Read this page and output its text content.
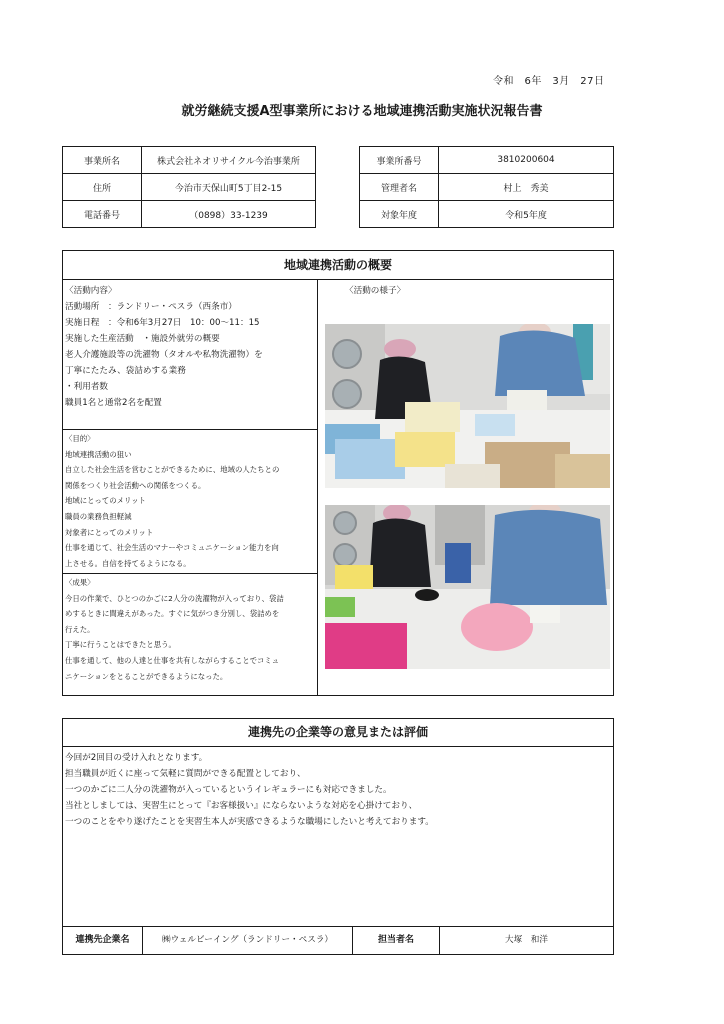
令和　6年　3月　27日
就労継続支援A型事業所における地域連携活動実施状況報告書
事業所名	株式会社ネオリサイクル今治事業所
住所	今治市天保山町5丁目2-15
電話番号	（0898）33-1239
事業所番号	3810200604
管理者名	村上　秀美
対象年度	令和5年度
地域連携活動の概要
〈活動内容〉
活動場所　：ランドリー・ペスラ（西条市）
実施日程　：令和6年3月27日　10：00〜11：15
実施した生産活動　・施設外就労の概要
老人介護施設等の洗濯物（タオルや私物洗濯物）を
丁寧にたたみ、袋詰めする業務
・利用者数
職員1名と通常2名を配置
〈目的〉
地域連携活動の狙い
自立した社会生活を営むことができるために、地域の人たちとの
関係をつくり社会活動への関係をつくる。
地域にとってのメリット
職員の業務負担軽減
対象者にとってのメリット
仕事を通じて、社会生活のマナーやコミュニケーション能力を向
上させる。自信を持てるようになる。
〈成果〉
今日の作業で、ひとつのかごに2人分の洗濯物が入っており、袋詰
めするときに間違えがあった。すぐに気がつき分別し、袋詰めを
行えた。
丁寧に行うことはできたと思う。
仕事を通して、他の人達と仕事を共有しながらすることでコミュ
ニケーションをとることができるようになった。
〈活動の様子〉
連携先の企業等の意見または評価
今回が2回目の受け入れとなります。
担当職員が近くに座って気軽に質問ができる配置としており、
一つのかごに二人分の洗濯物が入っているというイレギュラーにも対応できました。
当社としましては、実習生にとって『お客様扱い』にならないような対応を心掛けており、
一つのことをやり遂げたことを実習生本人が実感できるような職場にしたいと考えております。
連携先企業名	㈱ウェルビーイング（ランドリー・ペスラ）	担当者名	大塚　和洋
